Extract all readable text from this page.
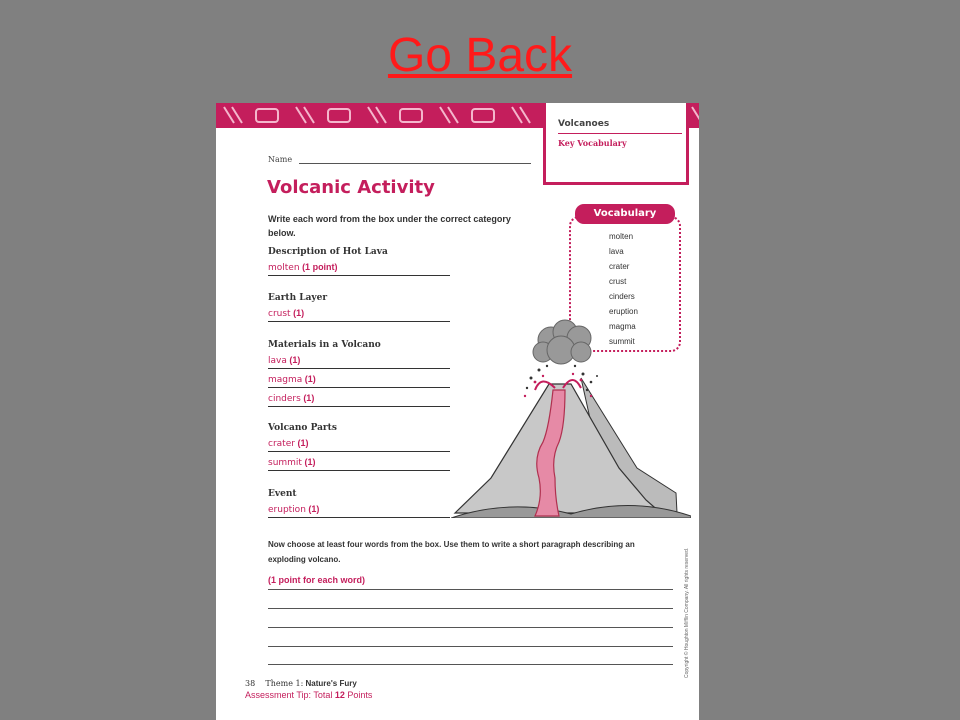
Go Back
Volcanoes
Key Vocabulary
Name
Volcanic Activity
Write each word from the box under the correct category below.
Description of Hot Lava
molten (1 point)
Earth Layer
crust (1)
Materials in a Volcano
lava (1)
magma (1)
cinders (1)
Volcano Parts
crater (1)
summit (1)
Event
eruption (1)
Vocabulary
molten
lava
crater
crust
cinders
eruption
magma
summit
Now choose at least four words from the box. Use them to write a short paragraph describing an exploding volcano.
(1 point for each word)	Copyright © Houghton Mifflin Company. All rights reserved.
38 Theme 1: Nature's Fury
Assessment Tip: Total 12 Points
